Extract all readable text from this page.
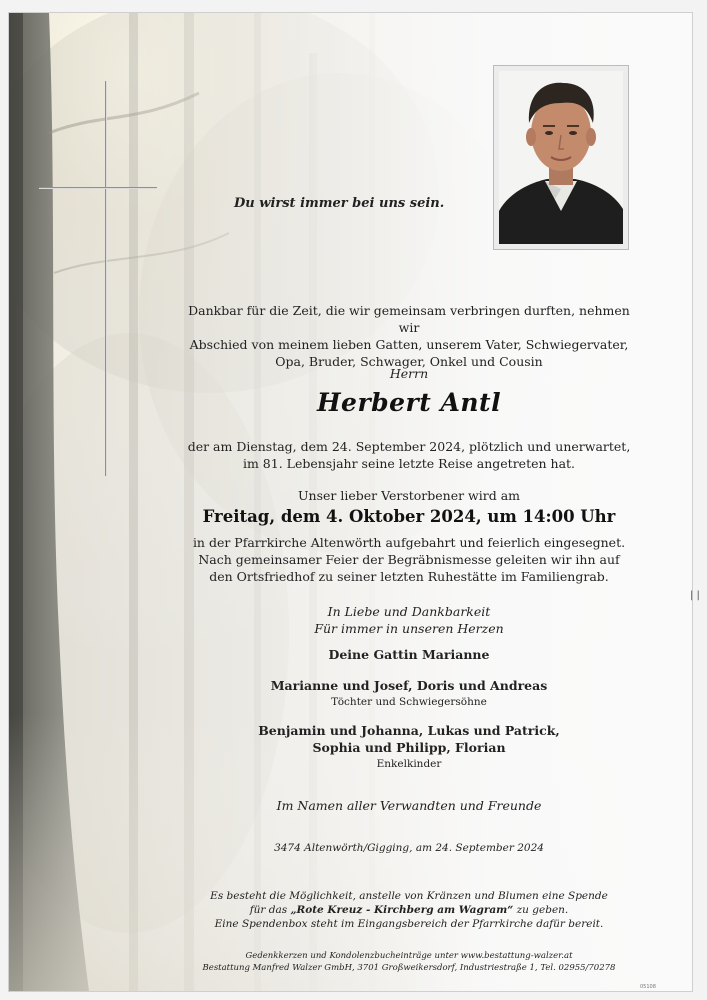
Du wirst immer bei uns sein.
Dankbar für die Zeit, die wir gemeinsam verbringen durften, nehmen wir
Abschied von meinem lieben Gatten, unserem Vater, Schwiegervater,
Opa, Bruder, Schwager, Onkel und Cousin
Herrn
Herbert Antl
der am Dienstag, dem 24. September 2024, plötzlich und unerwartet,
im 81. Lebensjahr seine letzte Reise angetreten hat.
Unser lieber Verstorbener wird am
Freitag, dem 4. Oktober 2024, um 14:00 Uhr
in der Pfarrkirche Altenwörth aufgebahrt und feierlich eingesegnet.
Nach gemeinsamer Feier der Begräbnismesse geleiten wir ihn auf
den Ortsfriedhof zu seiner letzten Ruhestätte im Familiengrab.
In Liebe und Dankbarkeit
Für immer in unseren Herzen
Deine Gattin Marianne
Marianne und Josef, Doris und Andreas
Töchter und Schwiegersöhne
Benjamin und Johanna, Lukas und Patrick,
Sophia und Philipp, Florian
Enkelkinder
Im Namen aller Verwandten und Freunde
3474 Altenwörth/Gigging, am 24. September 2024
Es besteht die Möglichkeit, anstelle von Kränzen und Blumen eine Spende
für das „Rote Kreuz - Kirchberg am Wagram“ zu geben.
Eine Spendenbox steht im Eingangsbereich der Pfarrkirche dafür bereit.
Gedenkkerzen und Kondolenzbucheinträge unter www.bestattung-walzer.at
Bestattung Manfred Walzer GmbH, 3701 Großweikersdorf, Industriestraße 1, Tel. 02955/70278
| |
05108
